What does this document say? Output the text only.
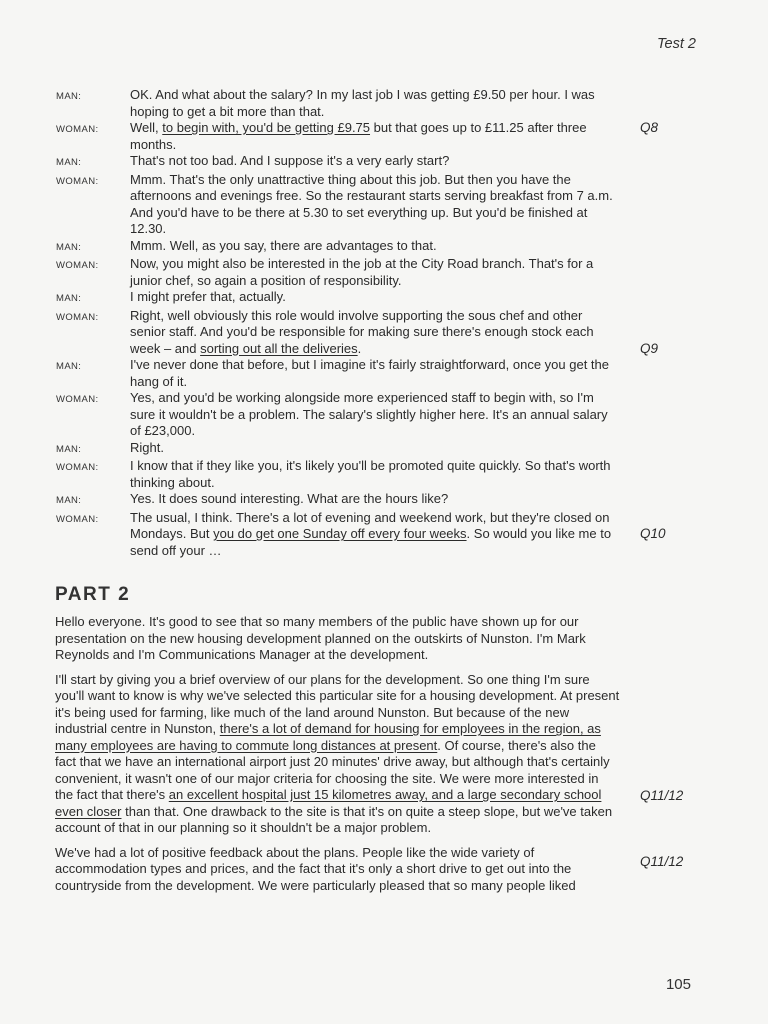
Test 2
MAN:	OK. And what about the salary? In my last job I was getting £9.50 per hour. I was hoping to get a bit more than that.
WOMAN:	Well, to begin with, you'd be getting £9.75 but that goes up to £11.25 after three months.
Q8
MAN:	That's not too bad. And I suppose it's a very early start?
WOMAN:	Mmm. That's the only unattractive thing about this job. But then you have the afternoons and evenings free. So the restaurant starts serving breakfast from 7 a.m. And you'd have to be there at 5.30 to set everything up. But you'd be finished at 12.30.
MAN:	Mmm. Well, as you say, there are advantages to that.
WOMAN:	Now, you might also be interested in the job at the City Road branch. That's for a junior chef, so again a position of responsibility.
MAN:	I might prefer that, actually.
WOMAN:	Right, well obviously this role would involve supporting the sous chef and other senior staff. And you'd be responsible for making sure there's enough stock each week – and sorting out all the deliveries.	Q9
MAN:	I've never done that before, but I imagine it's fairly straightforward, once you get the hang of it.
WOMAN:	Yes, and you'd be working alongside more experienced staff to begin with, so I'm sure it wouldn't be a problem. The salary's slightly higher here. It's an annual salary of £23,000.
MAN:	Right.
WOMAN:	I know that if they like you, it's likely you'll be promoted quite quickly. So that's worth thinking about.
MAN:	Yes. It does sound interesting. What are the hours like?
WOMAN:	The usual, I think. There's a lot of evening and weekend work, but they're closed on Mondays. But you do get one Sunday off every four weeks. So would you like me to send off your …
Q10
PART 2
Hello everyone. It's good to see that so many members of the public have shown up for our presentation on the new housing development planned on the outskirts of Nunston. I'm Mark Reynolds and I'm Communications Manager at the development.
I'll start by giving you a brief overview of our plans for the development. So one thing I'm sure you'll want to know is why we've selected this particular site for a housing development. At present it's being used for farming, like much of the land around Nunston. But because of the new industrial centre in Nunston, there's a lot of demand for housing for employees in the region, as many employees are having to commute long distances at present. Of course, there's also the fact that we have an international airport just 20 minutes' drive away, but although that's certainly convenient, it wasn't one of our major criteria for choosing the site. We were more interested in the fact that there's an excellent hospital just 15 kilometres away, and a large secondary school even closer than that. One drawback to the site is that it's on quite a steep slope, but we've taken account of that in our planning so it shouldn't be a major problem.
Q11/12
Q11/12
We've had a lot of positive feedback about the plans. People like the wide variety of accommodation types and prices, and the fact that it's only a short drive to get out into the countryside from the development. We were particularly pleased that so many people liked
105
